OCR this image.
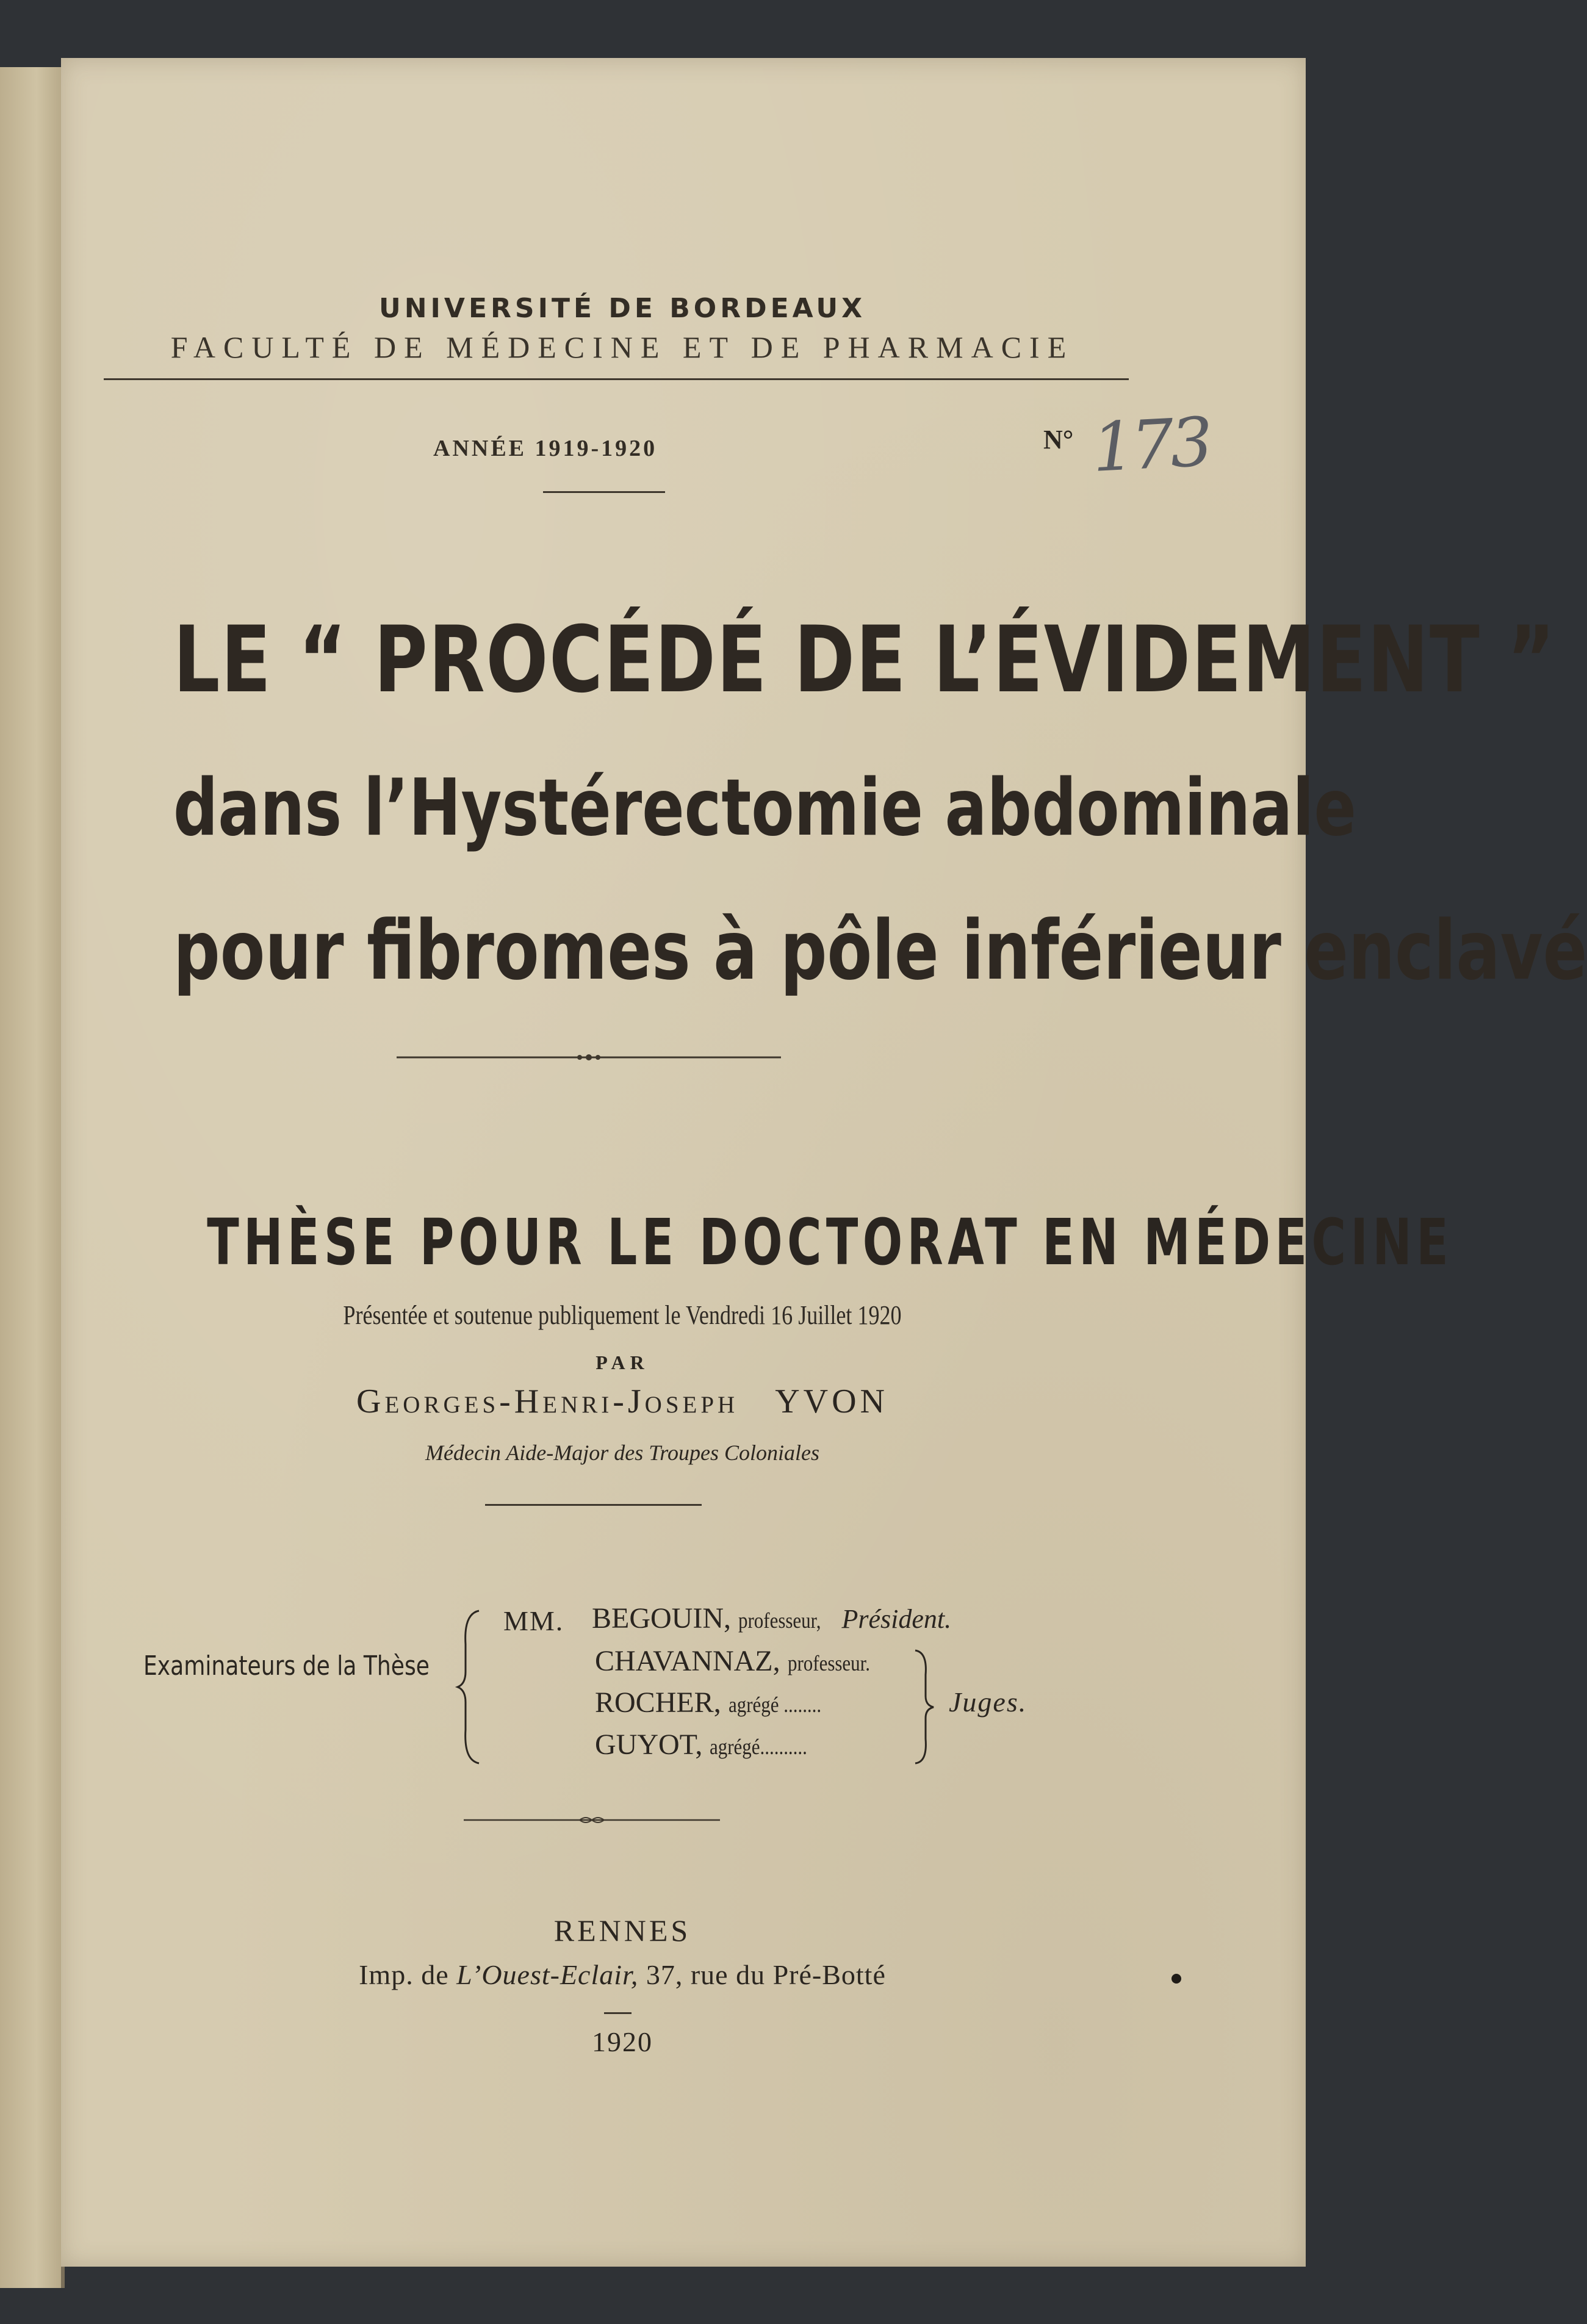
UNIVERSITÉ DE BORDEAUX
FACULTÉ DE MÉDECINE ET DE PHARMACIE
ANNÉE 1919-1920	N° 173
LE “ PROCÉDÉ DE L’ÉVIDEMENT ”
dans l’Hystérectomie abdominale
pour fibromes à pôle inférieur enclavé
THÈSE POUR LE DOCTORAT EN MÉDECINE
Présentée et soutenue publiquement le Vendredi 16 Juillet 1920
PAR
Georges-Henri-Joseph YVON
Médecin Aide-Major des Troupes Coloniales
Examinateurs de la Thèse
MM. BEGOUIN, professeur, Président.
CHAVANNAZ, professeur.
ROCHER, agrégé ........
GUYOT, agrégé..........
Juges.
RENNES
Imp. de L’Ouest-Eclair, 37, rue du Pré-Botté
1920
